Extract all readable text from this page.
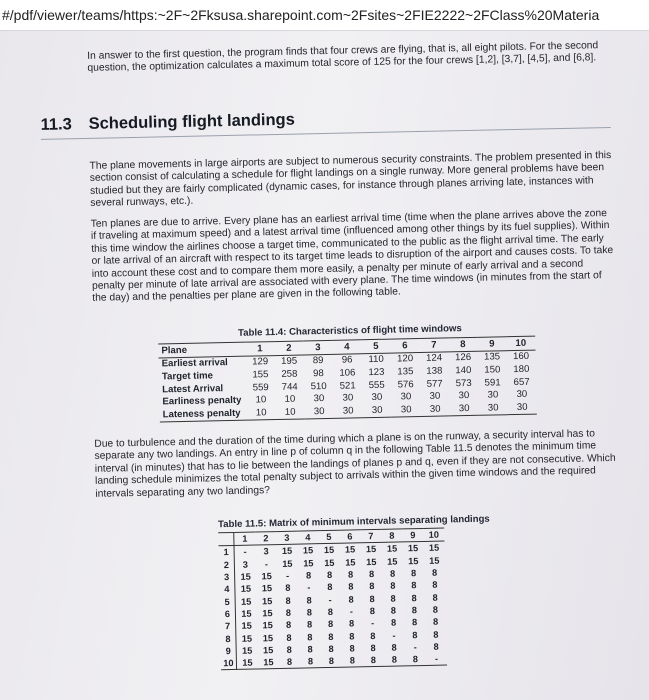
#/pdf/viewer/teams/https:~2F~2Fksusa.sharepoint.com~2Fsites~2FIE2222~2FClass%20Materia

In answer to the first question, the program finds that four crews are flying, that is, all eight pilots. For the second question, the optimization calculates a maximum total score of 125 for the four crews [1,2], [3,7], [4,5], and [6,8].

11.3 Scheduling flight landings

The plane movements in large airports are subject to numerous security constraints. The problem presented in this section consist of calculating a schedule for flight landings on a single runway. More general problems have been studied but they are fairly complicated (dynamic cases, for instance through planes arriving late, instances with several runways, etc.).

Ten planes are due to arrive. Every plane has an earliest arrival time (time when the plane arrives above the zone if traveling at maximum speed) and a latest arrival time (influenced among other things by its fuel supplies). Within this time window the airlines choose a target time, communicated to the public as the flight arrival time. The early or late arrival of an aircraft with respect to its target time leads to disruption of the airport and causes costs. To take into account these cost and to compare them more easily, a penalty per minute of early arrival and a second penalty per minute of late arrival are associated with every plane. The time windows (in minutes from the start of the day) and the penalties per plane are given in the following table.

Table 11.4: Characteristics of flight time windows
Plane	1	2	3	4	5	6	7	8	9	10
Earliest arrival	129	195	89	96	110	120	124	126	135	160
Target time	155	258	98	106	123	135	138	140	150	180
Latest Arrival	559	744	510	521	555	576	577	573	591	657
Earliness penalty	10	10	30	30	30	30	30	30	30	30
Lateness penalty	10	10	30	30	30	30	30	30	30	30

Due to turbulence and the duration of the time during which a plane is on the runway, a security interval has to separate any two landings. An entry in line p of column q in the following Table 11.5 denotes the minimum time interval (in minutes) that has to lie between the landings of planes p and q, even if they are not consecutive. Which landing schedule minimizes the total penalty subject to arrivals within the given time windows and the required intervals separating any two landings?

Table 11.5: Matrix of minimum intervals separating landings
	1	2	3	4	5	6	7	8	9	10
1	-	3	15	15	15	15	15	15	15	15
2	3	-	15	15	15	15	15	15	15	15
3	15	15	-	8	8	8	8	8	8	8
4	15	15	8	-	8	8	8	8	8	8
5	15	15	8	8	-	8	8	8	8	8
6	15	15	8	8	8	-	8	8	8	8
7	15	15	8	8	8	8	-	8	8	8
8	15	15	8	8	8	8	8	-	8	8
9	15	15	8	8	8	8	8	8	-	8
10	15	15	8	8	8	8	8	8	8	-
